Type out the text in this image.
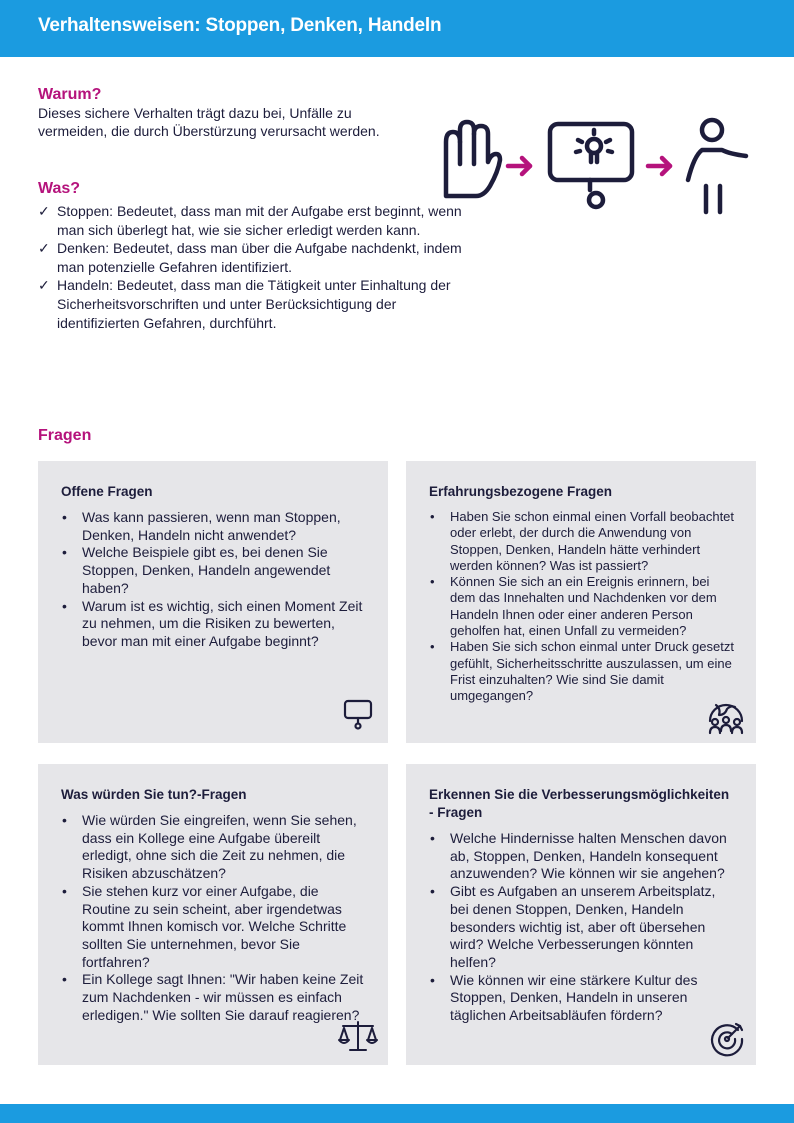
Verhaltensweisen: Stoppen, Denken, Handeln
Warum?

Dieses sichere Verhalten trägt dazu bei, Unfälle zu vermeiden, die durch Überstürzung verursacht werden.

Was?
✓ Stoppen: Bedeutet, dass man mit der Aufgabe erst beginnt, wenn man sich überlegt hat, wie sie sicher erledigt werden kann.
✓ Denken: Bedeutet, dass man über die Aufgabe nachdenkt, indem man potenzielle Gefahren identifiziert.
✓ Handeln: Bedeutet, dass man die Tätigkeit unter Einhaltung der Sicherheitsvorschriften und unter Berücksichtigung der identifizierten Gefahren, durchführt.
Fragen
Offene Fragen
• Was kann passieren, wenn man Stoppen, Denken, Handeln nicht anwendet?
• Welche Beispiele gibt es, bei denen Sie Stoppen, Denken, Handeln angewendet haben?
• Warum ist es wichtig, sich einen Moment Zeit zu nehmen, um die Risiken zu bewerten, bevor man mit einer Aufgabe beginnt?
Erfahrungsbezogene Fragen
• Haben Sie schon einmal einen Vorfall beobachtet oder erlebt, der durch die Anwendung von Stoppen, Denken, Handeln hätte verhindert werden können? Was ist passiert?
• Können Sie sich an ein Ereignis erinnern, bei dem das Innehalten und Nachdenken vor dem Handeln Ihnen oder einer anderen Person geholfen hat, einen Unfall zu vermeiden?
• Haben Sie sich schon einmal unter Druck gesetzt gefühlt, Sicherheitsschritte auszulassen, um eine Frist einzuhalten? Wie sind Sie damit umgegangen?
Was würden Sie tun?-Fragen
• Wie würden Sie eingreifen, wenn Sie sehen, dass ein Kollege eine Aufgabe übereilt erledigt, ohne sich die Zeit zu nehmen, die Risiken abzuschätzen?
• Sie stehen kurz vor einer Aufgabe, die Routine zu sein scheint, aber irgendetwas kommt Ihnen komisch vor. Welche Schritte sollten Sie unternehmen, bevor Sie fortfahren?
• Ein Kollege sagt Ihnen: "Wir haben keine Zeit zum Nachdenken - wir müssen es einfach erledigen." Wie sollten Sie darauf reagieren?
Erkennen Sie die Verbesserungsmöglichkeiten - Fragen
• Welche Hindernisse halten Menschen davon ab, Stoppen, Denken, Handeln konsequent anzuwenden? Wie können wir sie angehen?
• Gibt es Aufgaben an unserem Arbeitsplatz, bei denen Stoppen, Denken, Handeln besonders wichtig ist, aber oft übersehen wird? Welche Verbesserungen könnten helfen?
• Wie können wir eine stärkere Kultur des Stoppen, Denken, Handeln in unseren täglichen Arbeitsabläufen fördern?
